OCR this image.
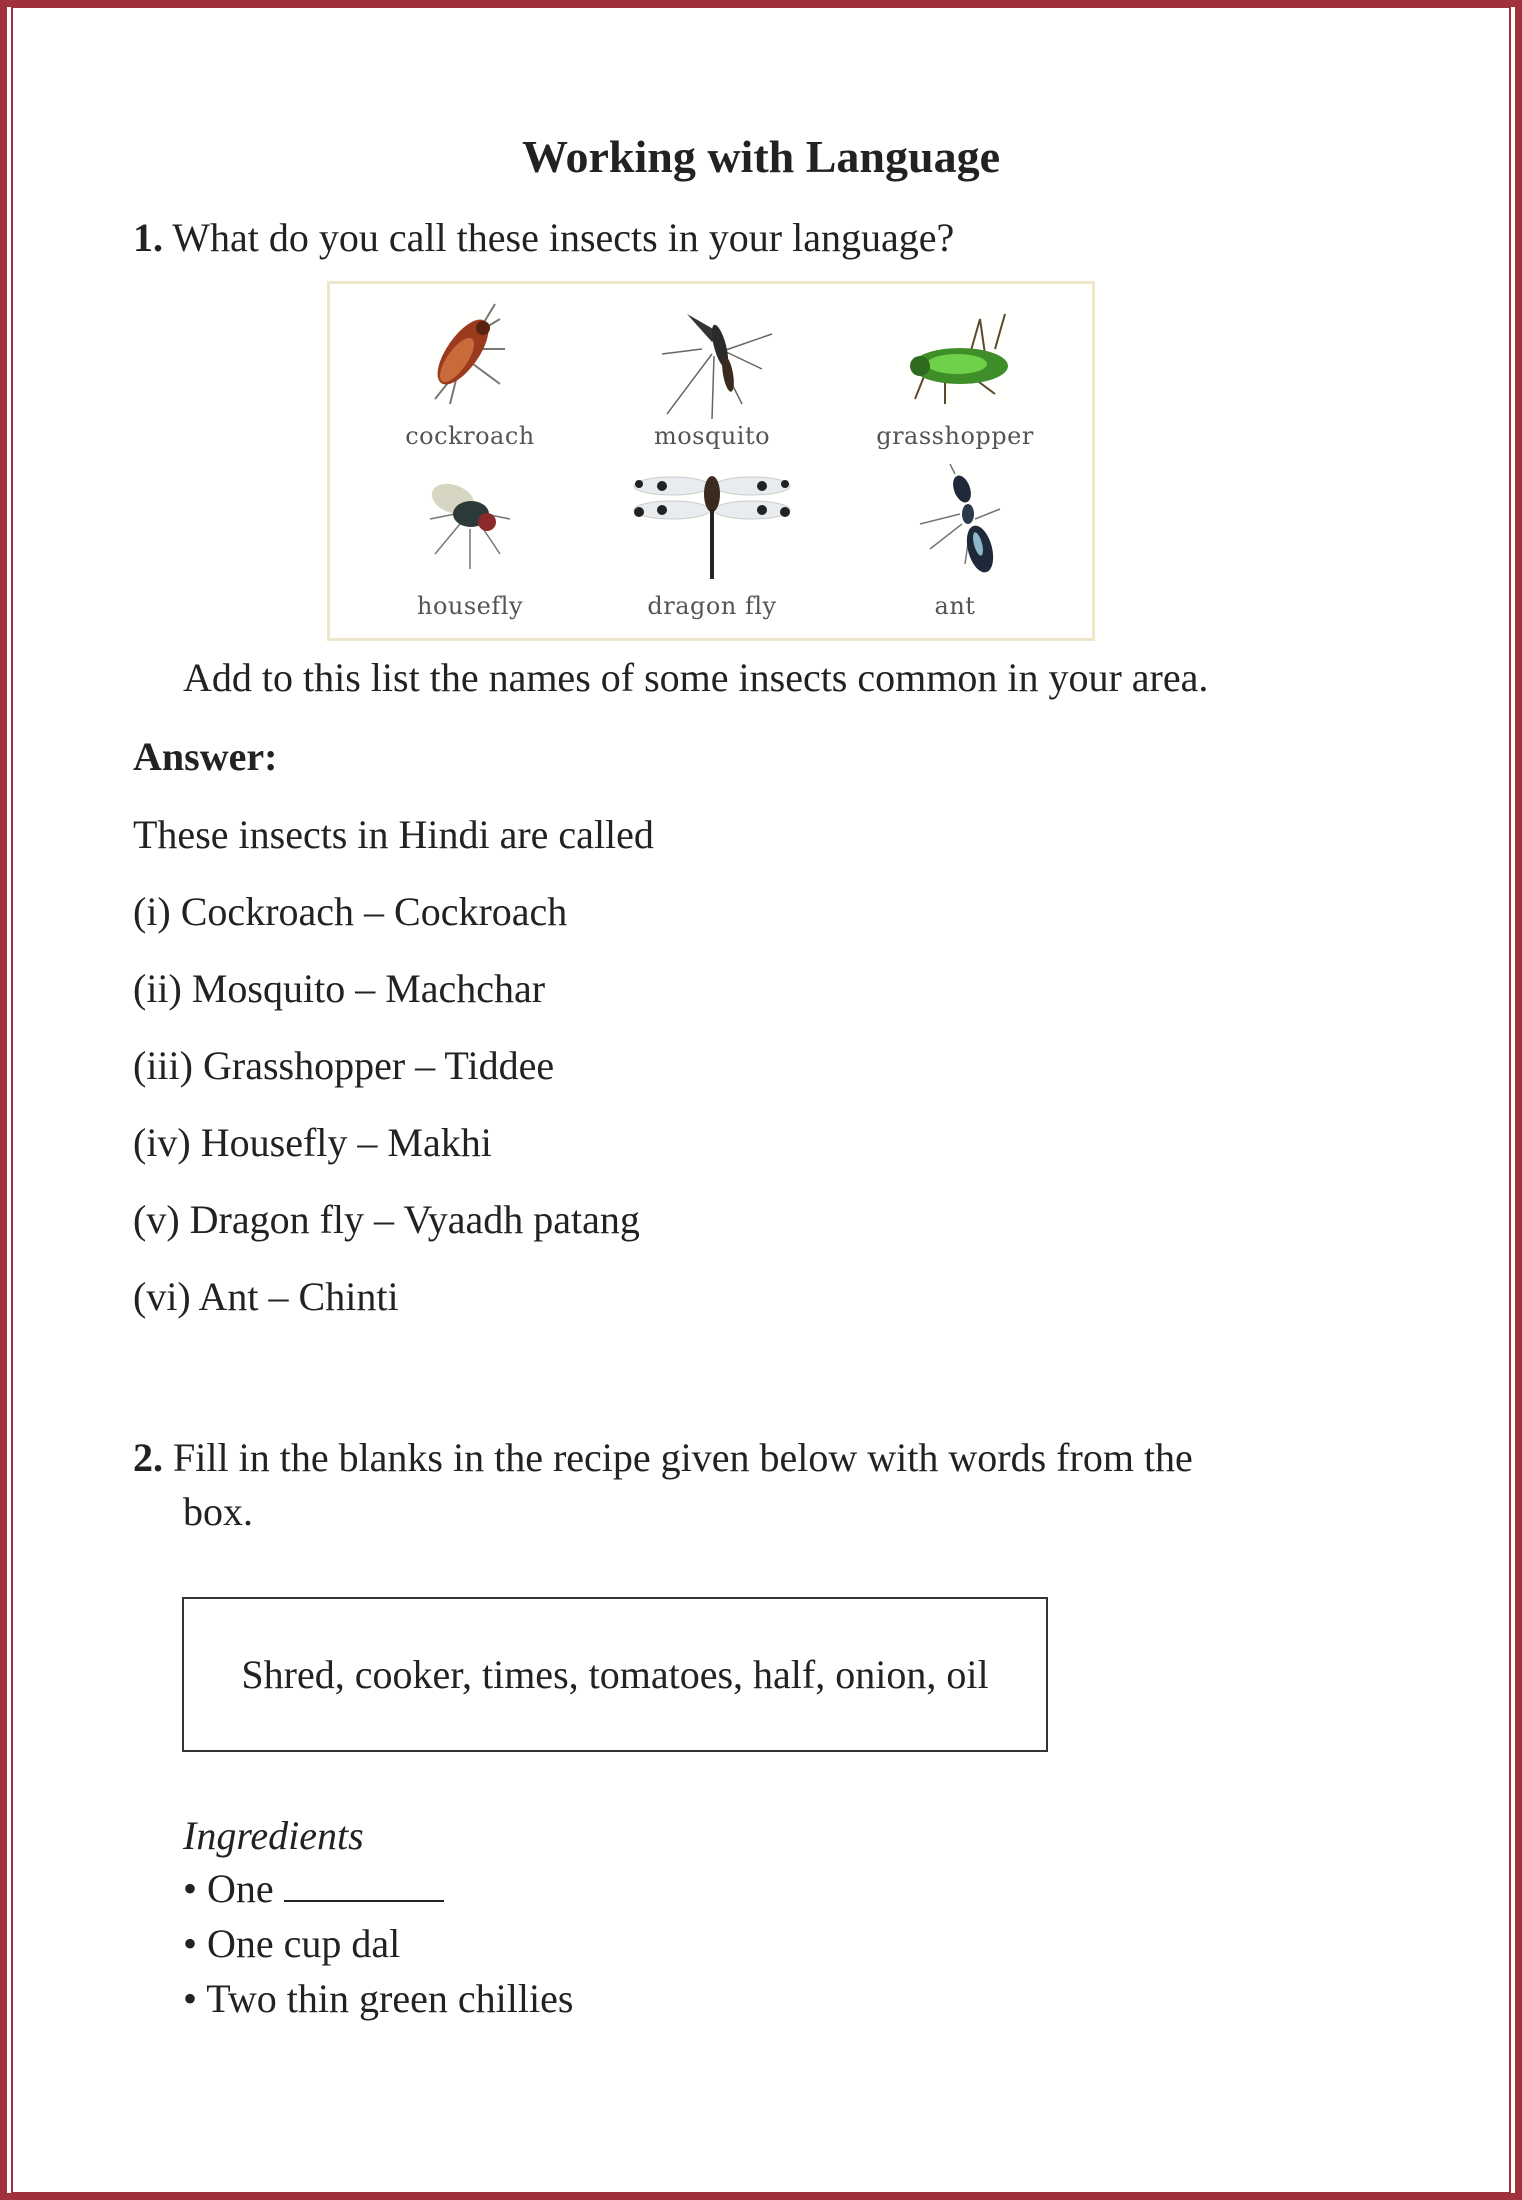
Working with Language
1. What do you call these insects in your language?
cockroach	mosquito	grasshopper
housefly	dragon fly	ant
Add to this list the names of some insects common in your area.
Answer:
These insects in Hindi are called
(i) Cockroach – Cockroach
(ii) Mosquito – Machchar
(iii) Grasshopper – Tiddee
(iv) Housefly – Makhi
(v) Dragon fly – Vyaadh patang
(vi) Ant – Chinti
2. Fill in the blanks in the recipe given below with words from the
box.
Shred, cooker, times, tomatoes, half, onion, oil
Ingredients
• One
• One cup dal
• Two thin green chillies
